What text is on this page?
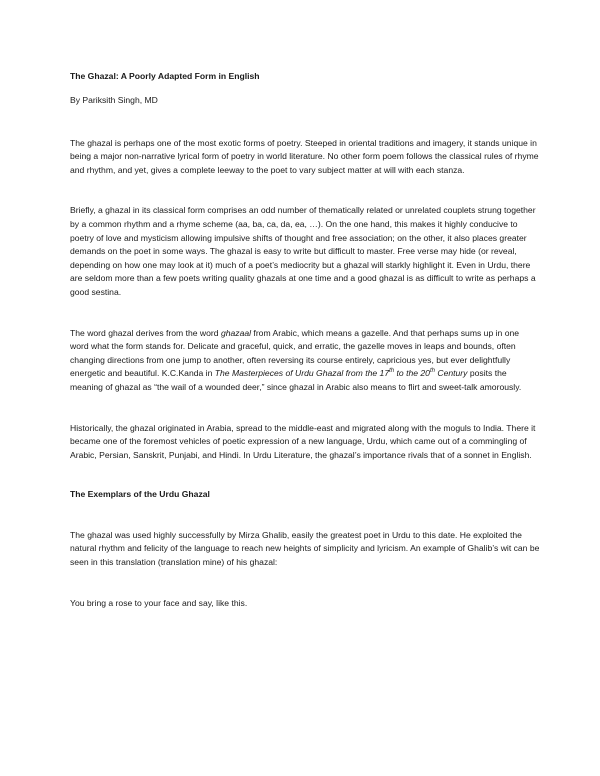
The Ghazal: A Poorly Adapted Form in English

By Pariksith Singh, MD

The ghazal is perhaps one of the most exotic forms of poetry. Steeped in oriental traditions and imagery, it stands unique in being a major non-narrative lyrical form of poetry in world literature. No other form poem follows the classical rules of rhyme and rhythm, and yet, gives a complete leeway to the poet to vary subject matter at will with each stanza.

Briefly, a ghazal in its classical form comprises an odd number of thematically related or unrelated couplets strung together by a common rhythm and a rhyme scheme (aa, ba, ca, da, ea, …). On the one hand, this makes it highly conducive to poetry of love and mysticism allowing impulsive shifts of thought and free association; on the other, it also places greater demands on the poet in some ways. The ghazal is easy to write but difficult to master. Free verse may hide (or reveal, depending on how one may look at it) much of a poet’s mediocrity but a ghazal will starkly highlight it. Even in Urdu, there are seldom more than a few poets writing quality ghazals at one time and a good ghazal is as difficult to write as perhaps a good sestina.

The word ghazal derives from the word ghazaal from Arabic, which means a gazelle. And that perhaps sums up in one word what the form stands for. Delicate and graceful, quick, and erratic, the gazelle moves in leaps and bounds, often changing directions from one jump to another, often reversing its course entirely, capricious yes, but ever delightfully energetic and beautiful. K.C.Kanda in The Masterpieces of Urdu Ghazal from the 17th to the 20th Century posits the meaning of ghazal as “the wail of a wounded deer,” since ghazal in Arabic also means to flirt and sweet-talk amorously.

Historically, the ghazal originated in Arabia, spread to the middle-east and migrated along with the moguls to India. There it became one of the foremost vehicles of poetic expression of a new language, Urdu, which came out of a commingling of Arabic, Persian, Sanskrit, Punjabi, and Hindi. In Urdu Literature, the ghazal’s importance rivals that of a sonnet in English.

The Exemplars of the Urdu Ghazal

The ghazal was used highly successfully by Mirza Ghalib, easily the greatest poet in Urdu to this date. He exploited the natural rhythm and felicity of the language to reach new heights of simplicity and lyricism. An example of Ghalib’s wit can be seen in this translation (translation mine) of his ghazal:

You bring a rose to your face and say, like this.
